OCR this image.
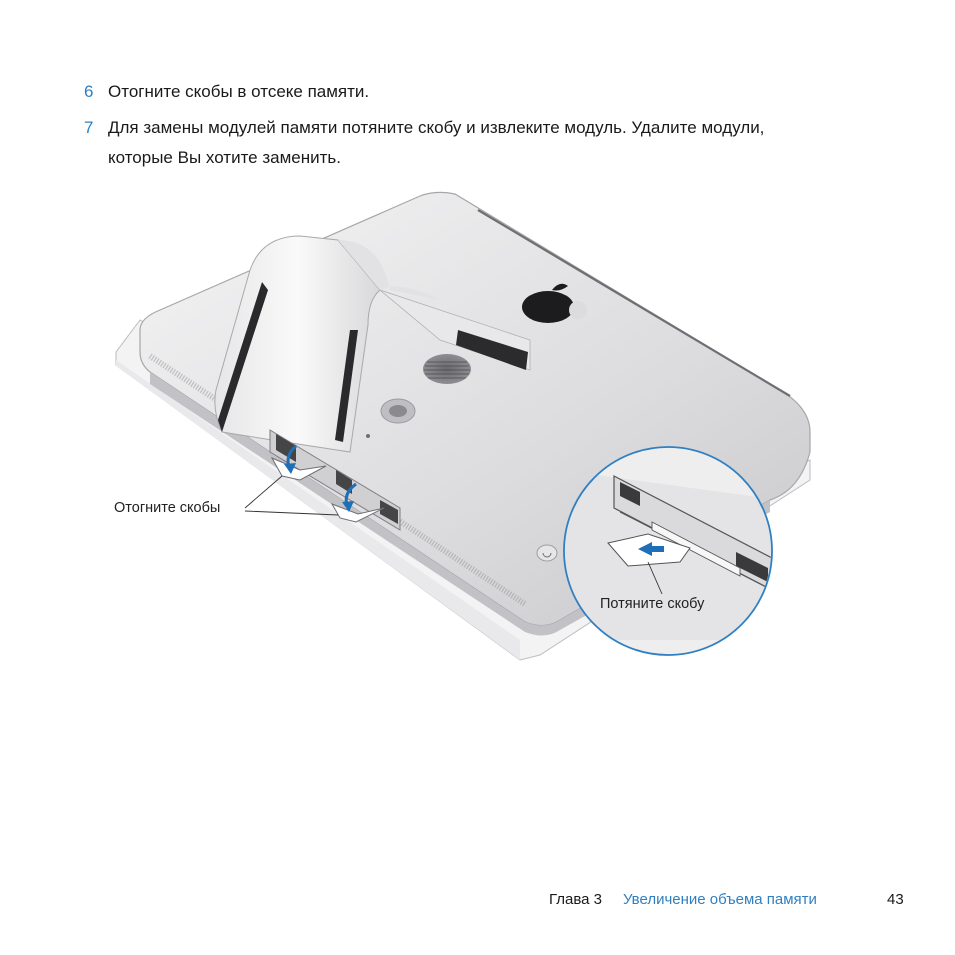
6 Отогните скобы в отсеке памяти.
7 Для замены модулей памяти потяните скобу и извлеките модуль. Удалите модули,
которые Вы хотите заменить.
Отогните скобы
Потяните скобу
Глава 3 Увеличение объема памяти	43
